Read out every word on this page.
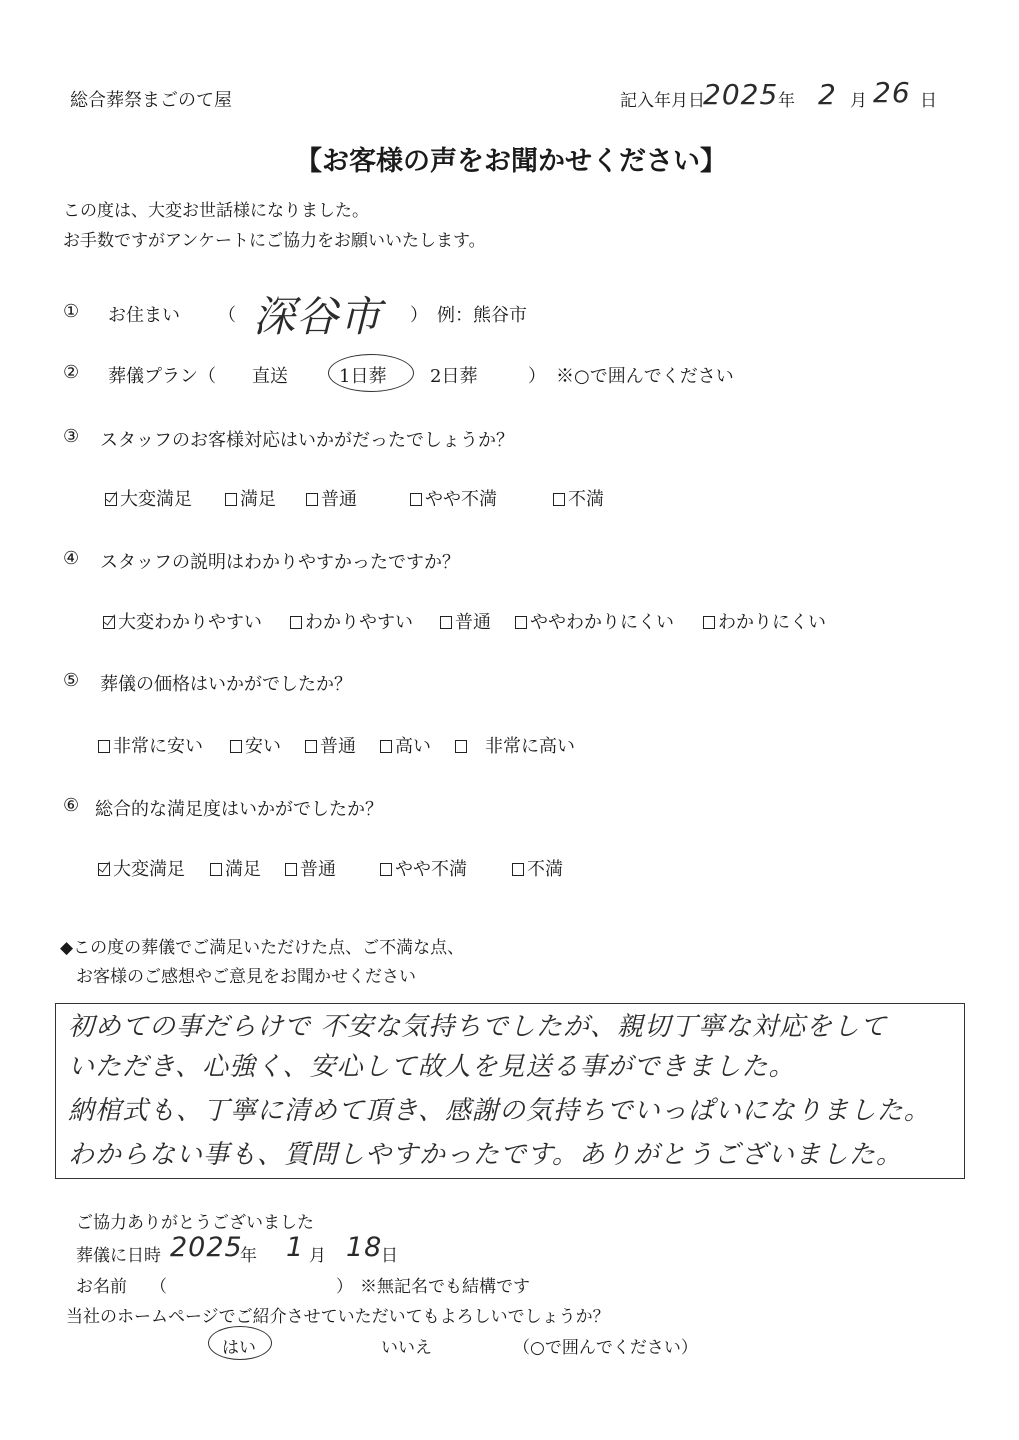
総合葬祭まごのて屋	記入年月日
2025 年 2 月 26 日
【お客様の声をお聞かせください】
この度は、大変お世話様になりました。
お手数ですがアンケートにご協力をお願いいたします。
① お住まい （ 深谷市 ） 例：熊谷市
② 葬儀プラン（ 直送	1日葬 2日葬	） ※○で囲んでください
③ スタッフのお客様対応はいかがだったでしょうか？
大変満足	満足	普通	やや不満	不満
④ スタッフの説明はわかりやすかったですか？
大変わかりやすい	わかりやすい	普通	ややわかりにくい	わかりにくい
⑤ 葬儀の価格はいかがでしたか？
非常に安い	安い	普通	高い	非常に高い
⑥ 総合的な満足度はいかがでしたか？
大変満足	満足	普通	やや不満	不満
◆この度の葬儀でご満足いただけた点、ご不満な点、
お客様のご感想やご意見をお聞かせください
初めての事だらけで 不安な気持ちでしたが、親切丁寧な対応をして
いただき、心強く、安心して故人を見送る事ができました。
納棺式も、丁寧に清めて頂き、感謝の気持ちでいっぱいになりました。
わからない事も、質問しやすかったです。ありがとうございました。
ご協力ありがとうございました
葬儀に日時 2025
年 1 月 18
日
お名前 （	） ※無記名でも結構です
当社のホームページでご紹介させていただいてもよろしいでしょうか？
はい	いいえ	（○で囲んでください）
